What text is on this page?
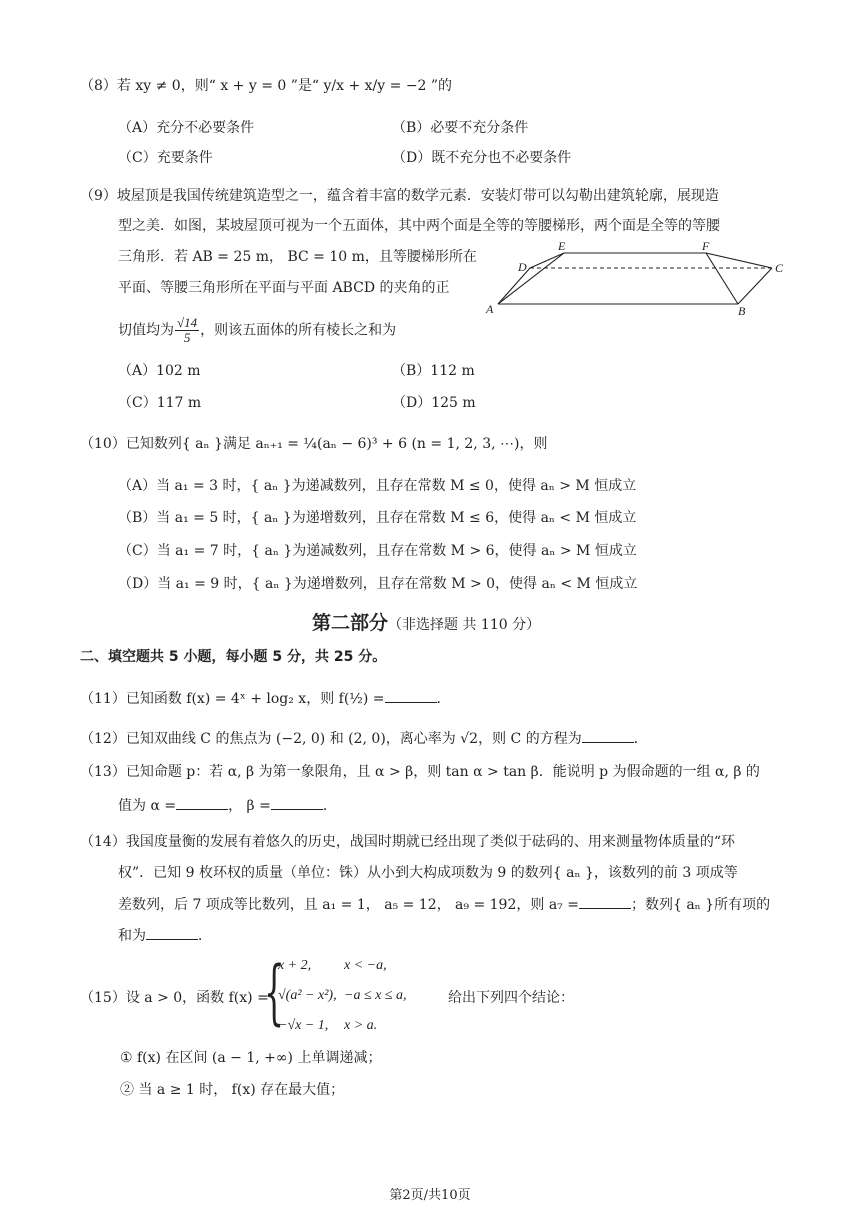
（8）若 xy ≠ 0，则“ x + y = 0 ”是“ y/x + x/y = −2 ”的
（A）充分不必要条件	（B）必要不充分条件
（C）充要条件	（D）既不充分也不必要条件
（9）坡屋顶是我国传统建筑造型之一，蕴含着丰富的数学元素．安装灯带可以勾勒出建筑轮廓，展现造
型之美．如图，某坡屋顶可视为一个五面体，其中两个面是全等的等腰梯形，两个面是全等的等腰
三角形．若 AB = 25 m， BC = 10 m，且等腰梯形所在
平面、等腰三角形所在平面与平面 ABCD 的夹角的正
切值均为 $\frac{√14}{5}$ ，则该五面体的所有棱长之和为
A	B
C
D
E	F
（A）102 m	（B）112 m
（C）117 m	（D）125 m
（10）已知数列{ aₙ }满足 aₙ₊₁ = ¼(aₙ − 6)³ + 6 (n = 1, 2, 3, ⋯)，则
（A）当 a₁ = 3 时，{ aₙ }为递减数列，且存在常数 M ≤ 0，使得 aₙ > M 恒成立
（B）当 a₁ = 5 时，{ aₙ }为递增数列，且存在常数 M ≤ 6，使得 aₙ < M 恒成立
（C）当 a₁ = 7 时，{ aₙ }为递减数列，且存在常数 M > 6，使得 aₙ > M 恒成立
（D）当 a₁ = 9 时，{ aₙ }为递增数列，且存在常数 M > 0，使得 aₙ < M 恒成立
第二部分（非选择题 共 110 分）
二、填空题共 5 小题，每小题 5 分，共 25 分。
（11）已知函数 f(x) = 4ˣ + log₂ x，则 f(½) =	．
（12）已知双曲线 C 的焦点为 (−2, 0) 和 (2, 0)，离心率为 √2，则 C 的方程为	．
（13）已知命题 p：若 α, β 为第一象限角，且 α > β，则 tan α > tan β．能说明 p 为假命题的一组 α, β 的
值为 α =	， β =	．
（14）我国度量衡的发展有着悠久的历史，战国时期就已经出现了类似于砝码的、用来测量物体质量的“环
权”．已知 9 枚环权的质量（单位：铢）从小到大构成项数为 9 的数列{ aₙ }，该数列的前 3 项成等
差数列，后 7 项成等比数列，且 a₁ = 1， a₅ = 12， a₉ = 192，则 a₇ =	；数列{ aₙ }所有项的
和为	．
（15）设 a > 0，函数 f(x) =
{
x + 2, x < −a,
√(a² − x²), −a ≤ x ≤ a,
−√x − 1, x > a.
给出下列四个结论：
① f(x) 在区间 (a − 1, +∞) 上单调递减；
② 当 a ≥ 1 时， f(x) 存在最大值；
第2页/共10页
